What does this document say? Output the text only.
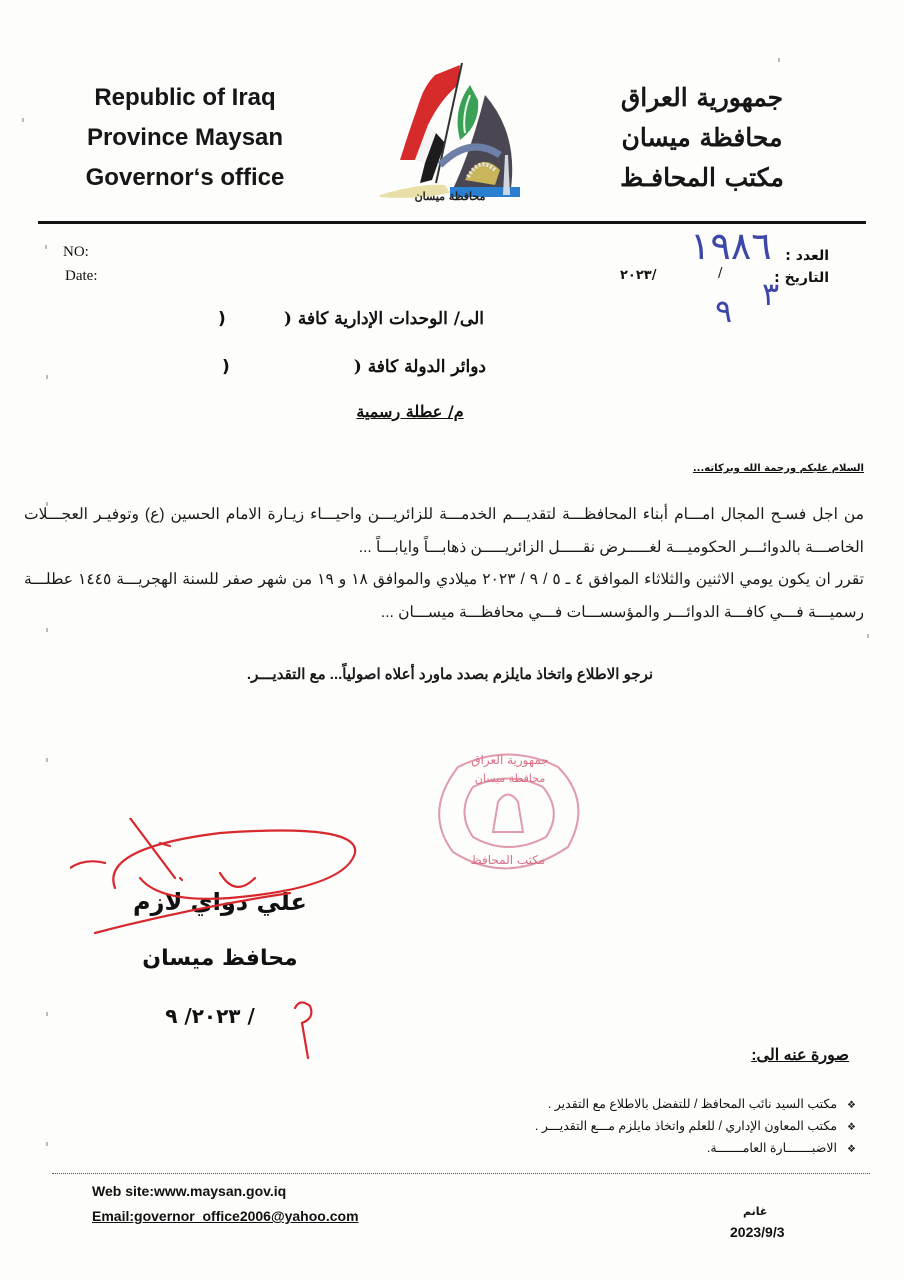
Republic of Iraq
Province Maysan
Governor‘s office
جمهورية العراق
محافظة ميسان
مكتب المحافـظ
محافظة ميسان
NO:
Date:
العدد :
التاريخ :
٢٠٢٣/	/
١٩٨٦
٣
٩
الى/ الوحدات الإدارية كافة (
)
دوائر الدولة كافة (
)
م/ عطلة رسمية
السلام عليكم ورحمة الله وبركاته...
من اجل فسـح المجال امـــام أبناء المحافظـــة لتقديـــم الخدمـــة للزائريـــن واحيـــاء زيـارة الامام الحسين (ع) وتوفيـر العجـــلات الخاصـــة بالدوائـــر الحكوميـــة لغـــــرض نقـــــل الزائريـــــن ذهابـــاً وايابـــاً ...
تقرر ان يكون يومي الاثنين والثلاثاء الموافق ٤ ـ ٥ / ٩ / ٢٠٢٣ ميلادي والموافق ١٨ و ١٩ من شهر صفر للسنة الهجريـــة ١٤٤٥ عطلـــة رسميـــة فـــي كافـــة الدوائـــر والمؤسســـات فـــي محافظـــة ميســـان ...
نرجو الاطلاع واتخاذ مايلزم بصدد ماورد أعلاه اصولياً... مع التقديـــر.
جمهورية العراق
محافظة ميسان
مكتب المحافظ
علي دواي لازم
محافظ ميسان
٢٠٢٣/ ٩ /
صورة عنه الى:
❖ مكتب السيد نائب المحافظ / للتفضل بالاطلاع مع التقدير .
❖ مكتب المعاون الإداري / للعلم واتخاذ مايلزم مـــع التقديـــر .
❖ الاضبـــــــارة العامـــــــة.
Web site:www.maysan.gov.iq
Email:governor_office2006@yahoo.com	غانم
2023/9/3
